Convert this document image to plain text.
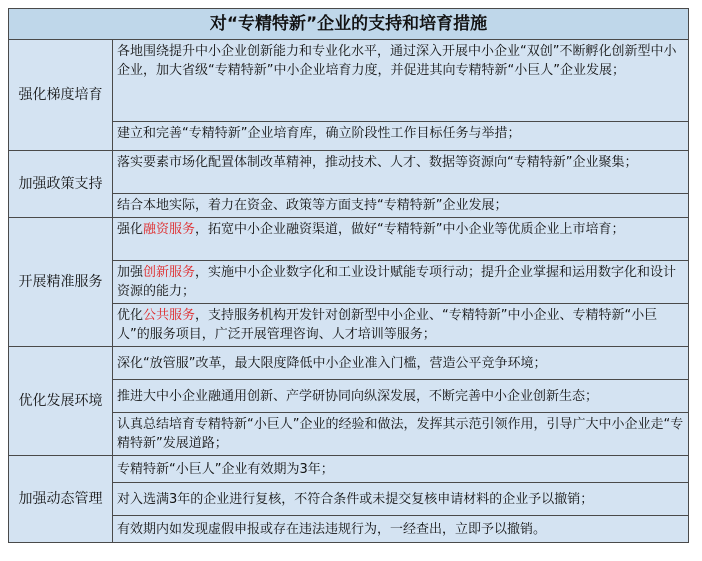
对“专精特新”企业的支持和培育措施	
强化梯度培育	各地围绕提升中小企业创新能力和专业化水平，通过深入开展中小企业“双创”不断孵化创新型中小企业，加大省级“专精特新”中小企业培育力度，并促进其向专精特新“小巨人”企业发展；
	建立和完善“专精特新”企业培育库，确立阶段性工作目标任务与举措；
加强政策支持	落实要素市场化配置体制改革精神，推动技术、人才、数据等资源向“专精特新”企业聚集；
	结合本地实际，着力在资金、政策等方面支持“专精特新”企业发展；
开展精准服务	强化融资服务，拓宽中小企业融资渠道，做好“专精特新”中小企业等优质企业上市培育；
	加强创新服务，实施中小企业数字化和工业设计赋能专项行动；提升企业掌握和运用数字化和设计资源的能力；
	优化公共服务，支持服务机构开发针对创新型中小企业、“专精特新”中小企业、专精特新“小巨人”的服务项目，广泛开展管理咨询、人才培训等服务；
优化发展环境	深化“放管服”改革，最大限度降低中小企业准入门槛，营造公平竞争环境；
	推进大中小企业融通用创新、产学研协同向纵深发展，不断完善中小企业创新生态；
	认真总结培育专精特新“小巨人”企业的经验和做法，发挥其示范引领作用，引导广大中小企业走“专精特新”发展道路；
加强动态管理	专精特新“小巨人”企业有效期为3年；
	对入选满3年的企业进行复核，不符合条件或未提交复核申请材料的企业予以撤销；
	有效期内如发现虚假申报或存在违法违规行为，一经查出，立即予以撤销。
